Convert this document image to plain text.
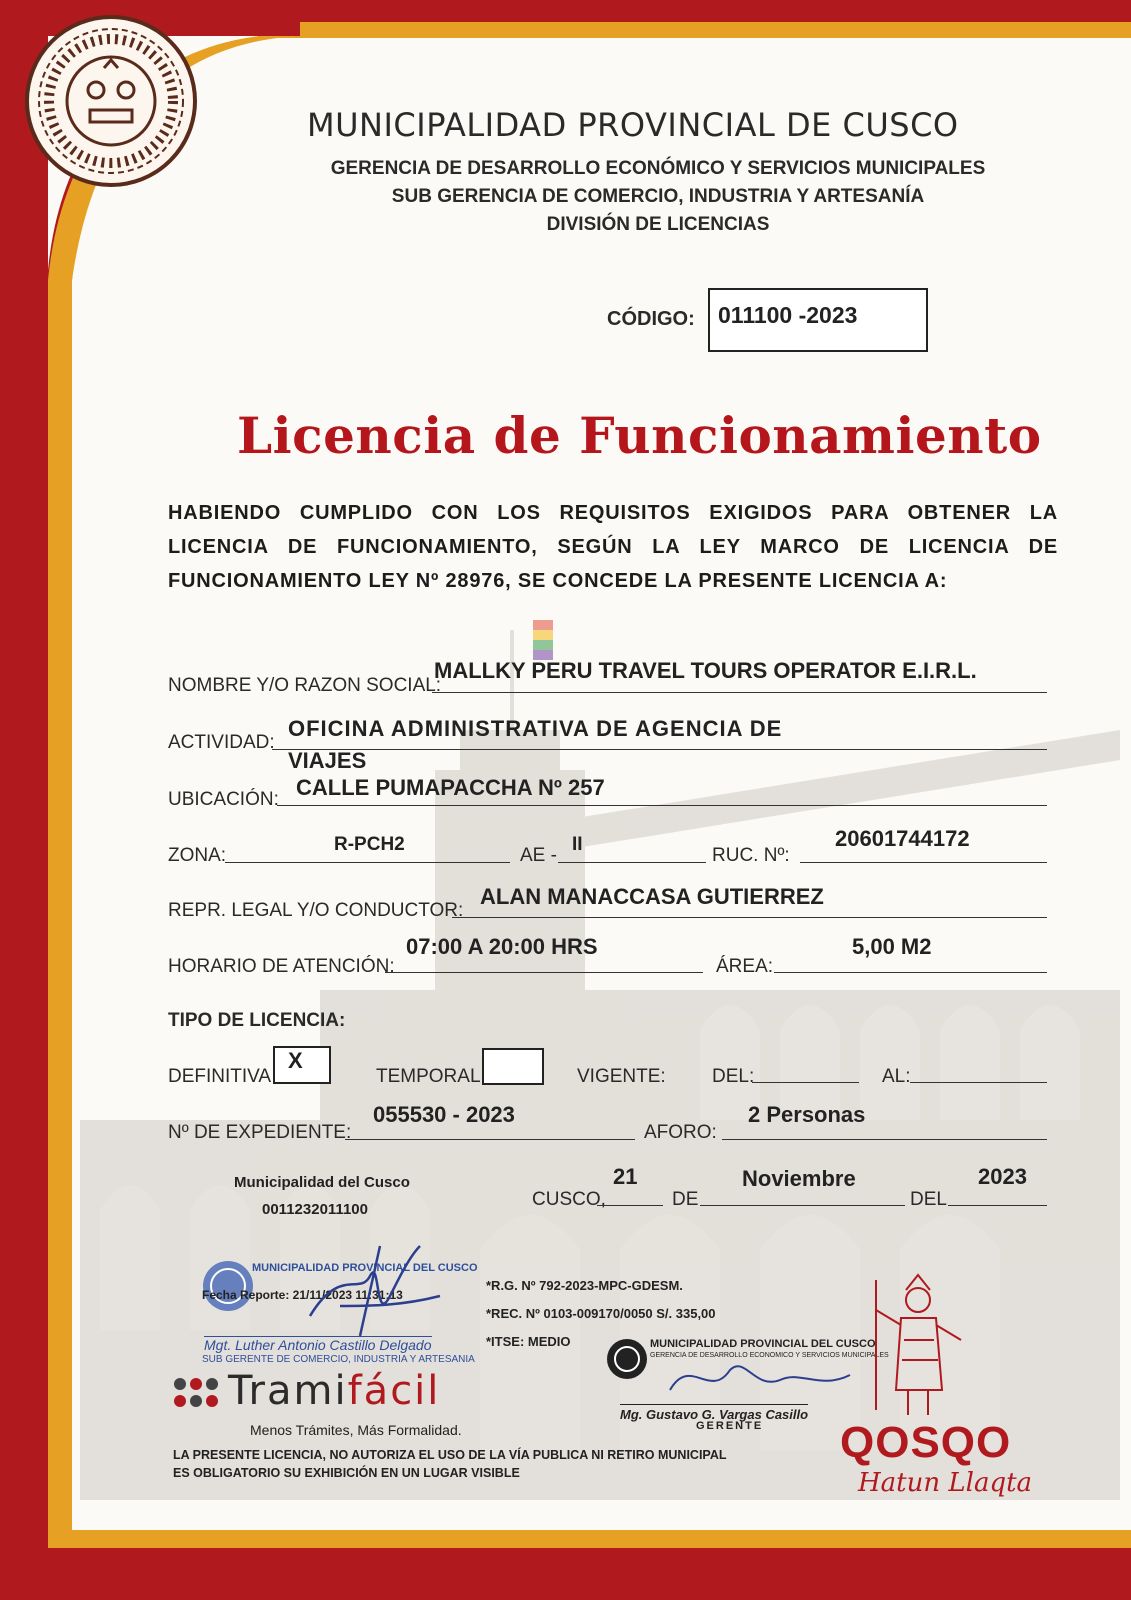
MUNICIPALIDAD PROVINCIAL DE CUSCO
GERENCIA DE DESARROLLO ECONÓMICO Y SERVICIOS MUNICIPALES
SUB GERENCIA DE COMERCIO, INDUSTRIA Y ARTESANÍA
DIVISIÓN DE LICENCIAS
CÓDIGO: 011100 -2023
Licencia de Funcionamiento
HABIENDO CUMPLIDO CON LOS REQUISITOS EXIGIDOS PARA OBTENER LA LICENCIA DE FUNCIONAMIENTO, SEGÚN LA LEY MARCO DE LICENCIA DE FUNCIONAMIENTO LEY Nº 28976, SE CONCEDE LA PRESENTE LICENCIA A:
NOMBRE Y/O RAZON SOCIAL:
MALLKY PERU TRAVEL TOURS OPERATOR E.I.R.L.
ACTIVIDAD:
OFICINA ADMINISTRATIVA DE AGENCIA DE
VIAJES
UBICACIÓN: CALLE PUMAPACCHA Nº 257
ZONA:
R-PCH2
AE -
II
RUC. Nº:
20601744172
REPR. LEGAL Y/O CONDUCTOR:
ALAN MANACCASA GUTIERREZ
HORARIO DE ATENCIÓN:
07:00 A 20:00 HRS
ÁREA:
5,00 M2
TIPO DE LICENCIA:
DEFINITIVA
X
TEMPORAL	VIGENTE: DEL:	AL:
Nº DE EXPEDIENTE:
055530 - 2023
AFORO:
2 Personas
Municipalidad del Cusco
0011232011100	CUSCO,
21
DE
Noviembre
DEL
2023
MUNICIPALIDAD PROVINCIAL DEL CUSCO
Fecha Reporte: 21/11/2023 11:31:13
Mgt. Luther Antonio Castillo Delgado
SUB GERENTE DE COMERCIO, INDUSTRIA Y ARTESANIA
*R.G. Nº 792-2023-MPC-GDESM.
*REC. Nº 0103-009170/0050 S/. 335,00
*ITSE: MEDIO	MUNICIPALIDAD PROVINCIAL DEL CUSCO
GERENCIA DE DESARROLLO ECONOMICO Y SERVICIOS MUNICIPALES
Mg. Gustavo G. Vargas Casillo
GERENTE
Tramifácil
Menos Trámites, Más Formalidad.
LA PRESENTE LICENCIA, NO AUTORIZA EL USO DE LA VÍA PUBLICA NI RETIRO MUNICIPAL
ES OBLIGATORIO SU EXHIBICIÓN EN UN LUGAR VISIBLE
QOSQO
Hatun Llaqta
